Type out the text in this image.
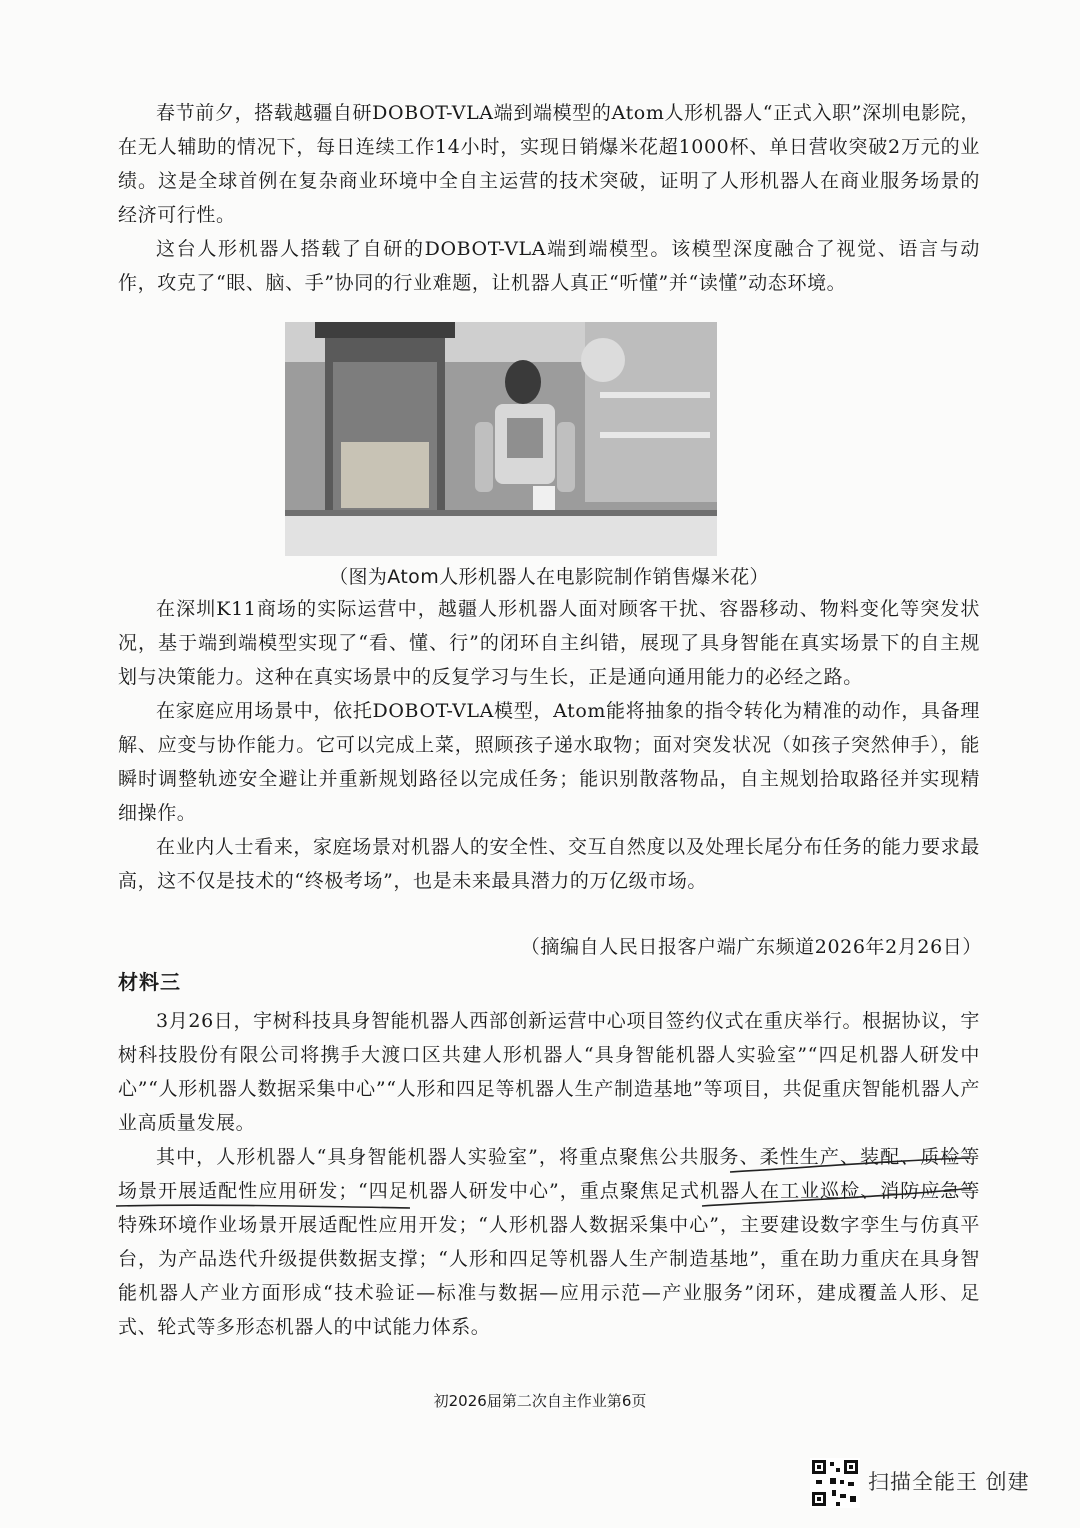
春节前夕，搭载越疆自研DOBOT-VLA端到端模型的Atom人形机器人“正式入职”深圳电影院，在无人辅助的情况下，每日连续工作14小时，实现日销爆米花超1000杯、单日营收突破2万元的业绩。这是全球首例在复杂商业环境中全自主运营的技术突破，证明了人形机器人在商业服务场景的经济可行性。

这台人形机器人搭载了自研的DOBOT-VLA端到端模型。该模型深度融合了视觉、语言与动作，攻克了“眼、脑、手”协同的行业难题，让机器人真正“听懂”并“读懂”动态环境。

（图为Atom人形机器人在电影院制作销售爆米花）

在深圳K11商场的实际运营中，越疆人形机器人面对顾客干扰、容器移动、物料变化等突发状况，基于端到端模型实现了“看、懂、行”的闭环自主纠错，展现了具身智能在真实场景下的自主规划与决策能力。这种在真实场景中的反复学习与生长，正是通向通用能力的必经之路。

在家庭应用场景中，依托DOBOT-VLA模型，Atom能将抽象的指令转化为精准的动作，具备理解、应变与协作能力。它可以完成上菜，照顾孩子递水取物；面对突发状况（如孩子突然伸手），能瞬时调整轨迹安全避让并重新规划路径以完成任务；能识别散落物品，自主规划拾取路径并实现精细操作。

在业内人士看来，家庭场景对机器人的安全性、交互自然度以及处理长尾分布任务的能力要求最高，这不仅是技术的“终极考场”，也是未来最具潜力的万亿级市场。

（摘编自人民日报客户端广东频道2026年2月26日）
材料三

3月26日，宇树科技具身智能机器人西部创新运营中心项目签约仪式在重庆举行。根据协议，宇树科技股份有限公司将携手大渡口区共建人形机器人“具身智能机器人实验室”“四足机器人研发中心”“人形机器人数据采集中心”“人形和四足等机器人生产制造基地”等项目，共促重庆智能机器人产业高质量发展。

其中，人形机器人“具身智能机器人实验室”，将重点聚焦公共服务、柔性生产、装配、质检等场景开展适配性应用研发；“四足机器人研发中心”，重点聚焦足式机器人在工业巡检、消防应急等特殊环境作业场景开展适配性应用开发；“人形机器人数据采集中心”，主要建设数字孪生与仿真平台，为产品迭代升级提供数据支撑；“人形和四足等机器人生产制造基地”，重在助力重庆在具身智能机器人产业方面形成“技术验证—标准与数据—应用示范—产业服务”闭环，建成覆盖人形、足式、轮式等多形态机器人的中试能力体系。

初2026届第二次自主作业第6页
扫描全能王 创建
